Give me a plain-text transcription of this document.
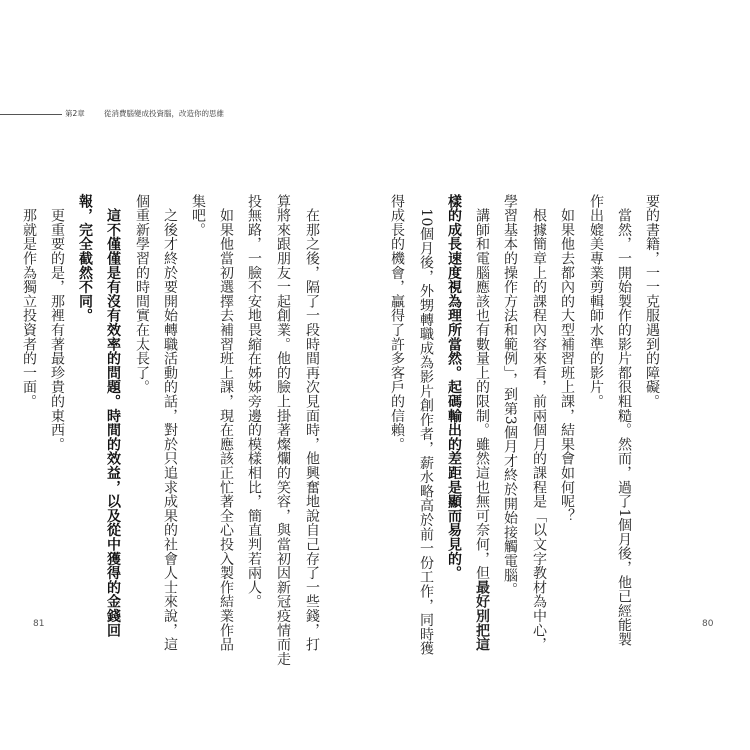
第2章	從消費腦變成投資腦，改造你的思維
　在那之後，隔了一段時間再次見面時，他興奮地說自己存了一些錢，打
算將來跟朋友一起創業。他的臉上掛著燦爛的笑容，與當初因新冠疫情而走
投無路，一臉不安地畏縮在姊姊旁邊的模樣相比，簡直判若兩人。
　如果他當初選擇去補習班上課，現在應該正忙著全心投入製作結業作品
集吧。
　之後才終於要開始轉職活動的話，對於只追求成果的社會人士來說，這
個重新學習的時間實在太長了。
　這不僅僅是有沒有效率的問題。時間的效益，以及從中獲得的金錢回
報，完全截然不同。
　更重要的是，那裡有著最珍貴的東西。
　那就是作為獨立投資者的一面。	要的書籍，一一克服遇到的障礙。
　當然，一開始製作的影片都很粗糙。然而，過了1個月後，他已經能製
作出媲美專業剪輯師水準的影片。
　如果他去都內的大型補習班上課，結果會如何呢？
　根據簡章上的課程內容來看，前兩個月的課程是「以文字教材為中心，
學習基本的操作方法和範例」，到第3個月才終於開始接觸電腦。
　講師和電腦應該也有數量上的限制。雖然這也無可奈何，但最好別把這
樣的成長速度視為理所當然。起碼輸出的差距是顯而易見的。
　10個月後，外甥轉職成為影片創作者，薪水略高於前一份工作，同時獲
得成長的機會，贏得了許多客戶的信賴。
81	80
